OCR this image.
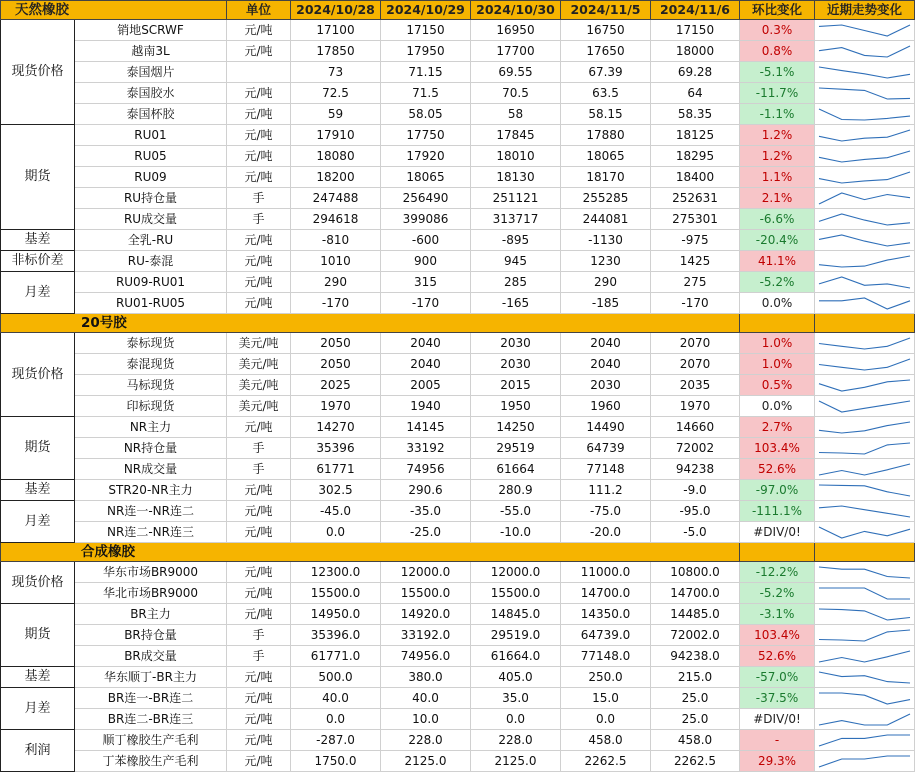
天然橡胶		单位	2024/10/28	2024/10/29	2024/10/30	2024/11/5	2024/11/6	环比变化	近期走势变化
现货价格	销地SCRWF	元/吨	17100	17150	16950	16750	17150	0.3%	

	越南3L	元/吨	17850	17950	17700	17650	18000	0.8%	

	泰国烟片		73	71.15	69.55	67.39	69.28	-5.1%	

	泰国胶水	元/吨	72.5	71.5	70.5	63.5	64	-11.7%	

	泰国杯胶	元/吨	59	58.05	58	58.15	58.35	-1.1%	

期货	RU01	元/吨	17910	17750	17845	17880	18125	1.2%	

	RU05	元/吨	18080	17920	18010	18065	18295	1.2%	

	RU09	元/吨	18200	18065	18130	18170	18400	1.1%	

	RU持仓量	手	247488	256490	251121	255285	252631	2.1%	

	RU成交量	手	294618	399086	313717	244081	275301	-6.6%	

基差	全乳-RU	元/吨	-810	-600	-895	-1130	-975	-20.4%	

非标价差	RU-泰混	元/吨	1010	900	945	1230	1425	41.1%	

月差	RU09-RU01	元/吨	290	315	285	290	275	-5.2%	

	RU01-RU05	元/吨	-170	-170	-165	-185	-170	0.0%	

20号胶									
现货价格	泰标现货	美元/吨	2050	2040	2030	2040	2070	1.0%	

	泰混现货	美元/吨	2050	2040	2030	2040	2070	1.0%	

	马标现货	美元/吨	2025	2005	2015	2030	2035	0.5%	

	印标现货	美元/吨	1970	1940	1950	1960	1970	0.0%	

期货	NR主力	元/吨	14270	14145	14250	14490	14660	2.7%	

	NR持仓量	手	35396	33192	29519	64739	72002	103.4%	

	NR成交量	手	61771	74956	61664	77148	94238	52.6%	

基差	STR20-NR主力	元/吨	302.5	290.6	280.9	111.2	-9.0	-97.0%	

月差	NR连一-NR连二	元/吨	-45.0	-35.0	-55.0	-75.0	-95.0	-111.1%	

	NR连二-NR连三	元/吨	0.0	-25.0	-10.0	-20.0	-5.0	#DIV/0!	

合成橡胶									
现货价格	华东市场BR9000	元/吨	12300.0	12000.0	12000.0	11000.0	10800.0	-12.2%	

	华北市场BR9000	元/吨	15500.0	15500.0	15500.0	14700.0	14700.0	-5.2%	

期货	BR主力	元/吨	14950.0	14920.0	14845.0	14350.0	14485.0	-3.1%	

	BR持仓量	手	35396.0	33192.0	29519.0	64739.0	72002.0	103.4%	

	BR成交量	手	61771.0	74956.0	61664.0	77148.0	94238.0	52.6%	

基差	华东顺丁-BR主力	元/吨	500.0	380.0	405.0	250.0	215.0	-57.0%	

月差	BR连一-BR连二	元/吨	40.0	40.0	35.0	15.0	25.0	-37.5%	

	BR连二-BR连三	元/吨	0.0	10.0	0.0	0.0	25.0	#DIV/0!	

利润	顺丁橡胶生产毛利	元/吨	-287.0	228.0	228.0	458.0	458.0	-	

	丁苯橡胶生产毛利	元/吨	1750.0	2125.0	2125.0	2262.5	2262.5	29.3%	
